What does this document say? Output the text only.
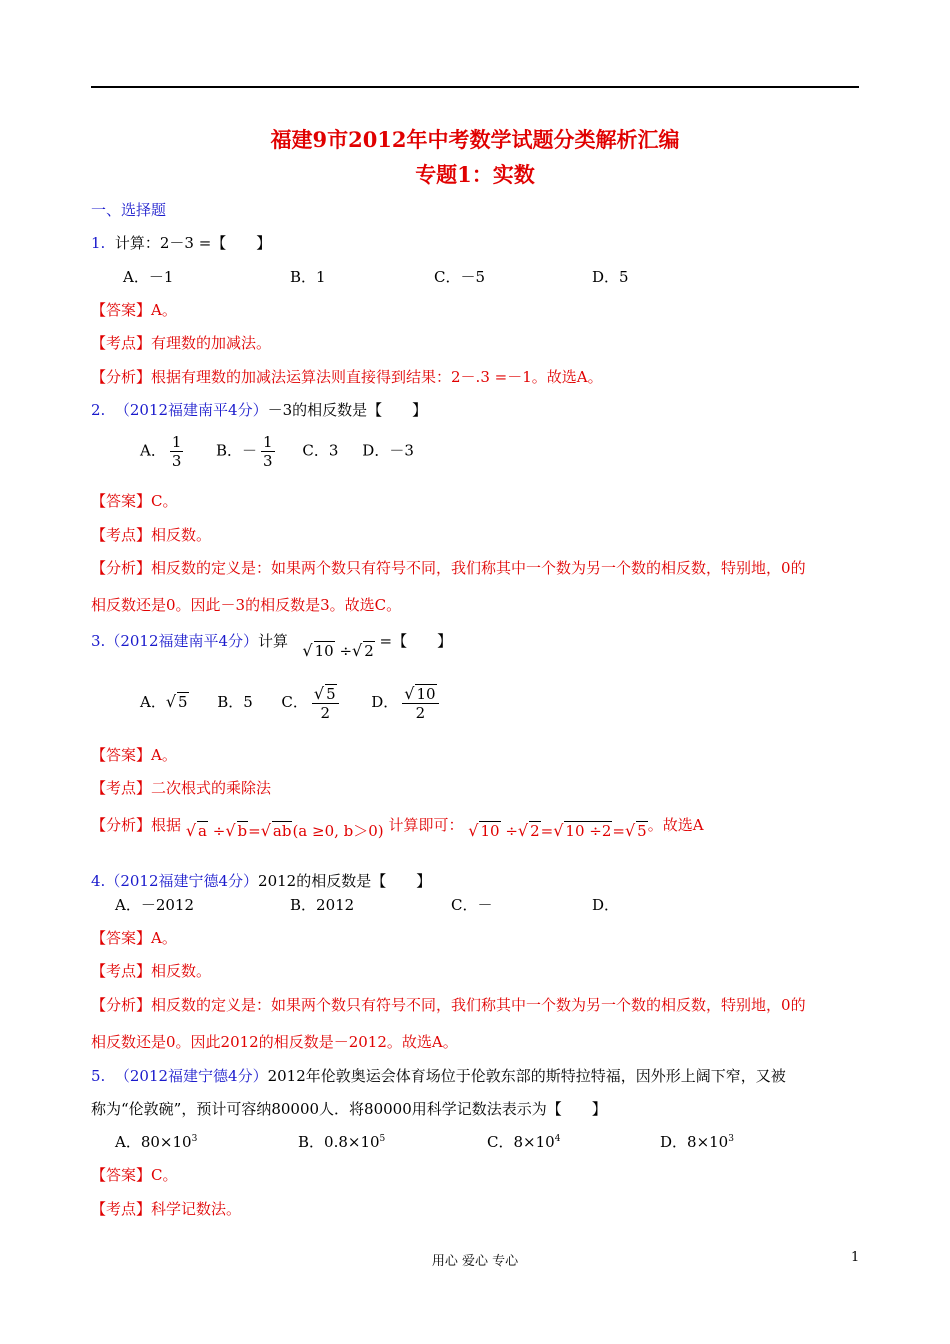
福建9市2012年中考数学试题分类解析汇编
专题1：实数
一、选择题
1. 计算：2－3 =【　　】
A．－1	B．1	C．－5	D．5
【答案】A。
【考点】有理数的加减法。
【分析】根据有理数的加减法运算法则直接得到结果：2－.3 =－1。故选A。
2. （2012福建南平4分）－3的相反数是【　　】
A． $\frac{1}{3}$ B．－ $\frac{1}{3}$ C．3 D．－3
【答案】C。
【考点】相反数。
【分析】相反数的定义是：如果两个数只有符号不同，我们称其中一个数为另一个数的相反数，特别地，0的
相反数还是0。因此－3的相反数是3。故选C。
3.（2012福建南平4分）计算 √ 10 ÷√ 2 =【　　】
A．√ 5 B．5 C． $\frac{√ 5}{2}$ D． $\frac{√ 10}{2}$
【答案】A。
【考点】二次根式的乘除法
【分析】根据 √ a ÷√ b=√ ab(a ≥0, b＞0) 计算即可： √ 10 ÷√ 2=√ 10 ÷2=√ 5。故选A
4.（2012福建宁德4分）2012的相反数是【　　】
A．－2012	B．2012	C．－	D．
【答案】A。
【考点】相反数。
【分析】相反数的定义是：如果两个数只有符号不同，我们称其中一个数为另一个数的相反数，特别地，0的
相反数还是0。因此2012的相反数是－2012。故选A。
5. （2012福建宁德4分）2012年伦敦奥运会体育场位于伦敦东部的斯特拉特福，因外形上阔下窄，又被
称为“伦敦碗”，预计可容纳80000人．将80000用科学记数法表示为【　　】
A．$80\times 10^3$	B．$0.8\times 10^5$	C．$8\times 10^4$	D．$8\times 10^3$
【答案】C。
【考点】科学记数法。
用心 爱心 专心	1
